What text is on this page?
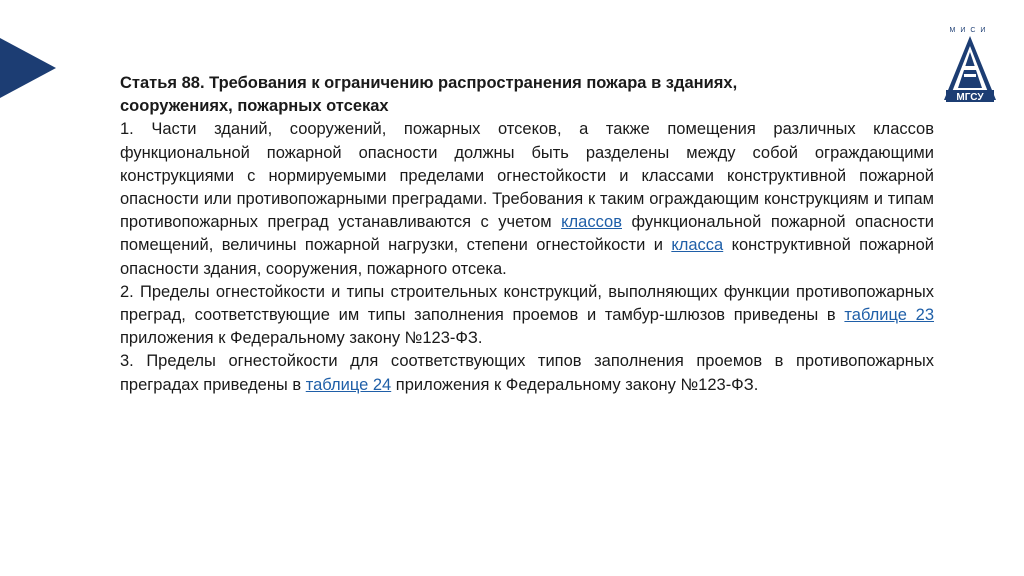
МИСИ
МГСУ

Статья 88. Требования к ограничению распространения пожара в зданиях,
сооружениях, пожарных отсеках

1. Части зданий, сооружений, пожарных отсеков, а также помещения различных классов функциональной пожарной опасности должны быть разделены между собой ограждающими конструкциями с нормируемыми пределами огнестойкости и классами конструктивной пожарной опасности или противопожарными преградами. Требования к таким ограждающим конструкциям и типам противопожарных преград устанавливаются с учетом классов функциональной пожарной опасности помещений, величины пожарной нагрузки, степени огнестойкости и класса конструктивной пожарной опасности здания, сооружения, пожарного отсека.

2. Пределы огнестойкости и типы строительных конструкций, выполняющих функции противопожарных преград, соответствующие им типы заполнения проемов и тамбур-шлюзов приведены в таблице 23 приложения к Федеральному закону №123-ФЗ.

3. Пределы огнестойкости для соответствующих типов заполнения проемов в противопожарных преградах приведены в таблице 24 приложения к Федеральному закону №123-ФЗ.
